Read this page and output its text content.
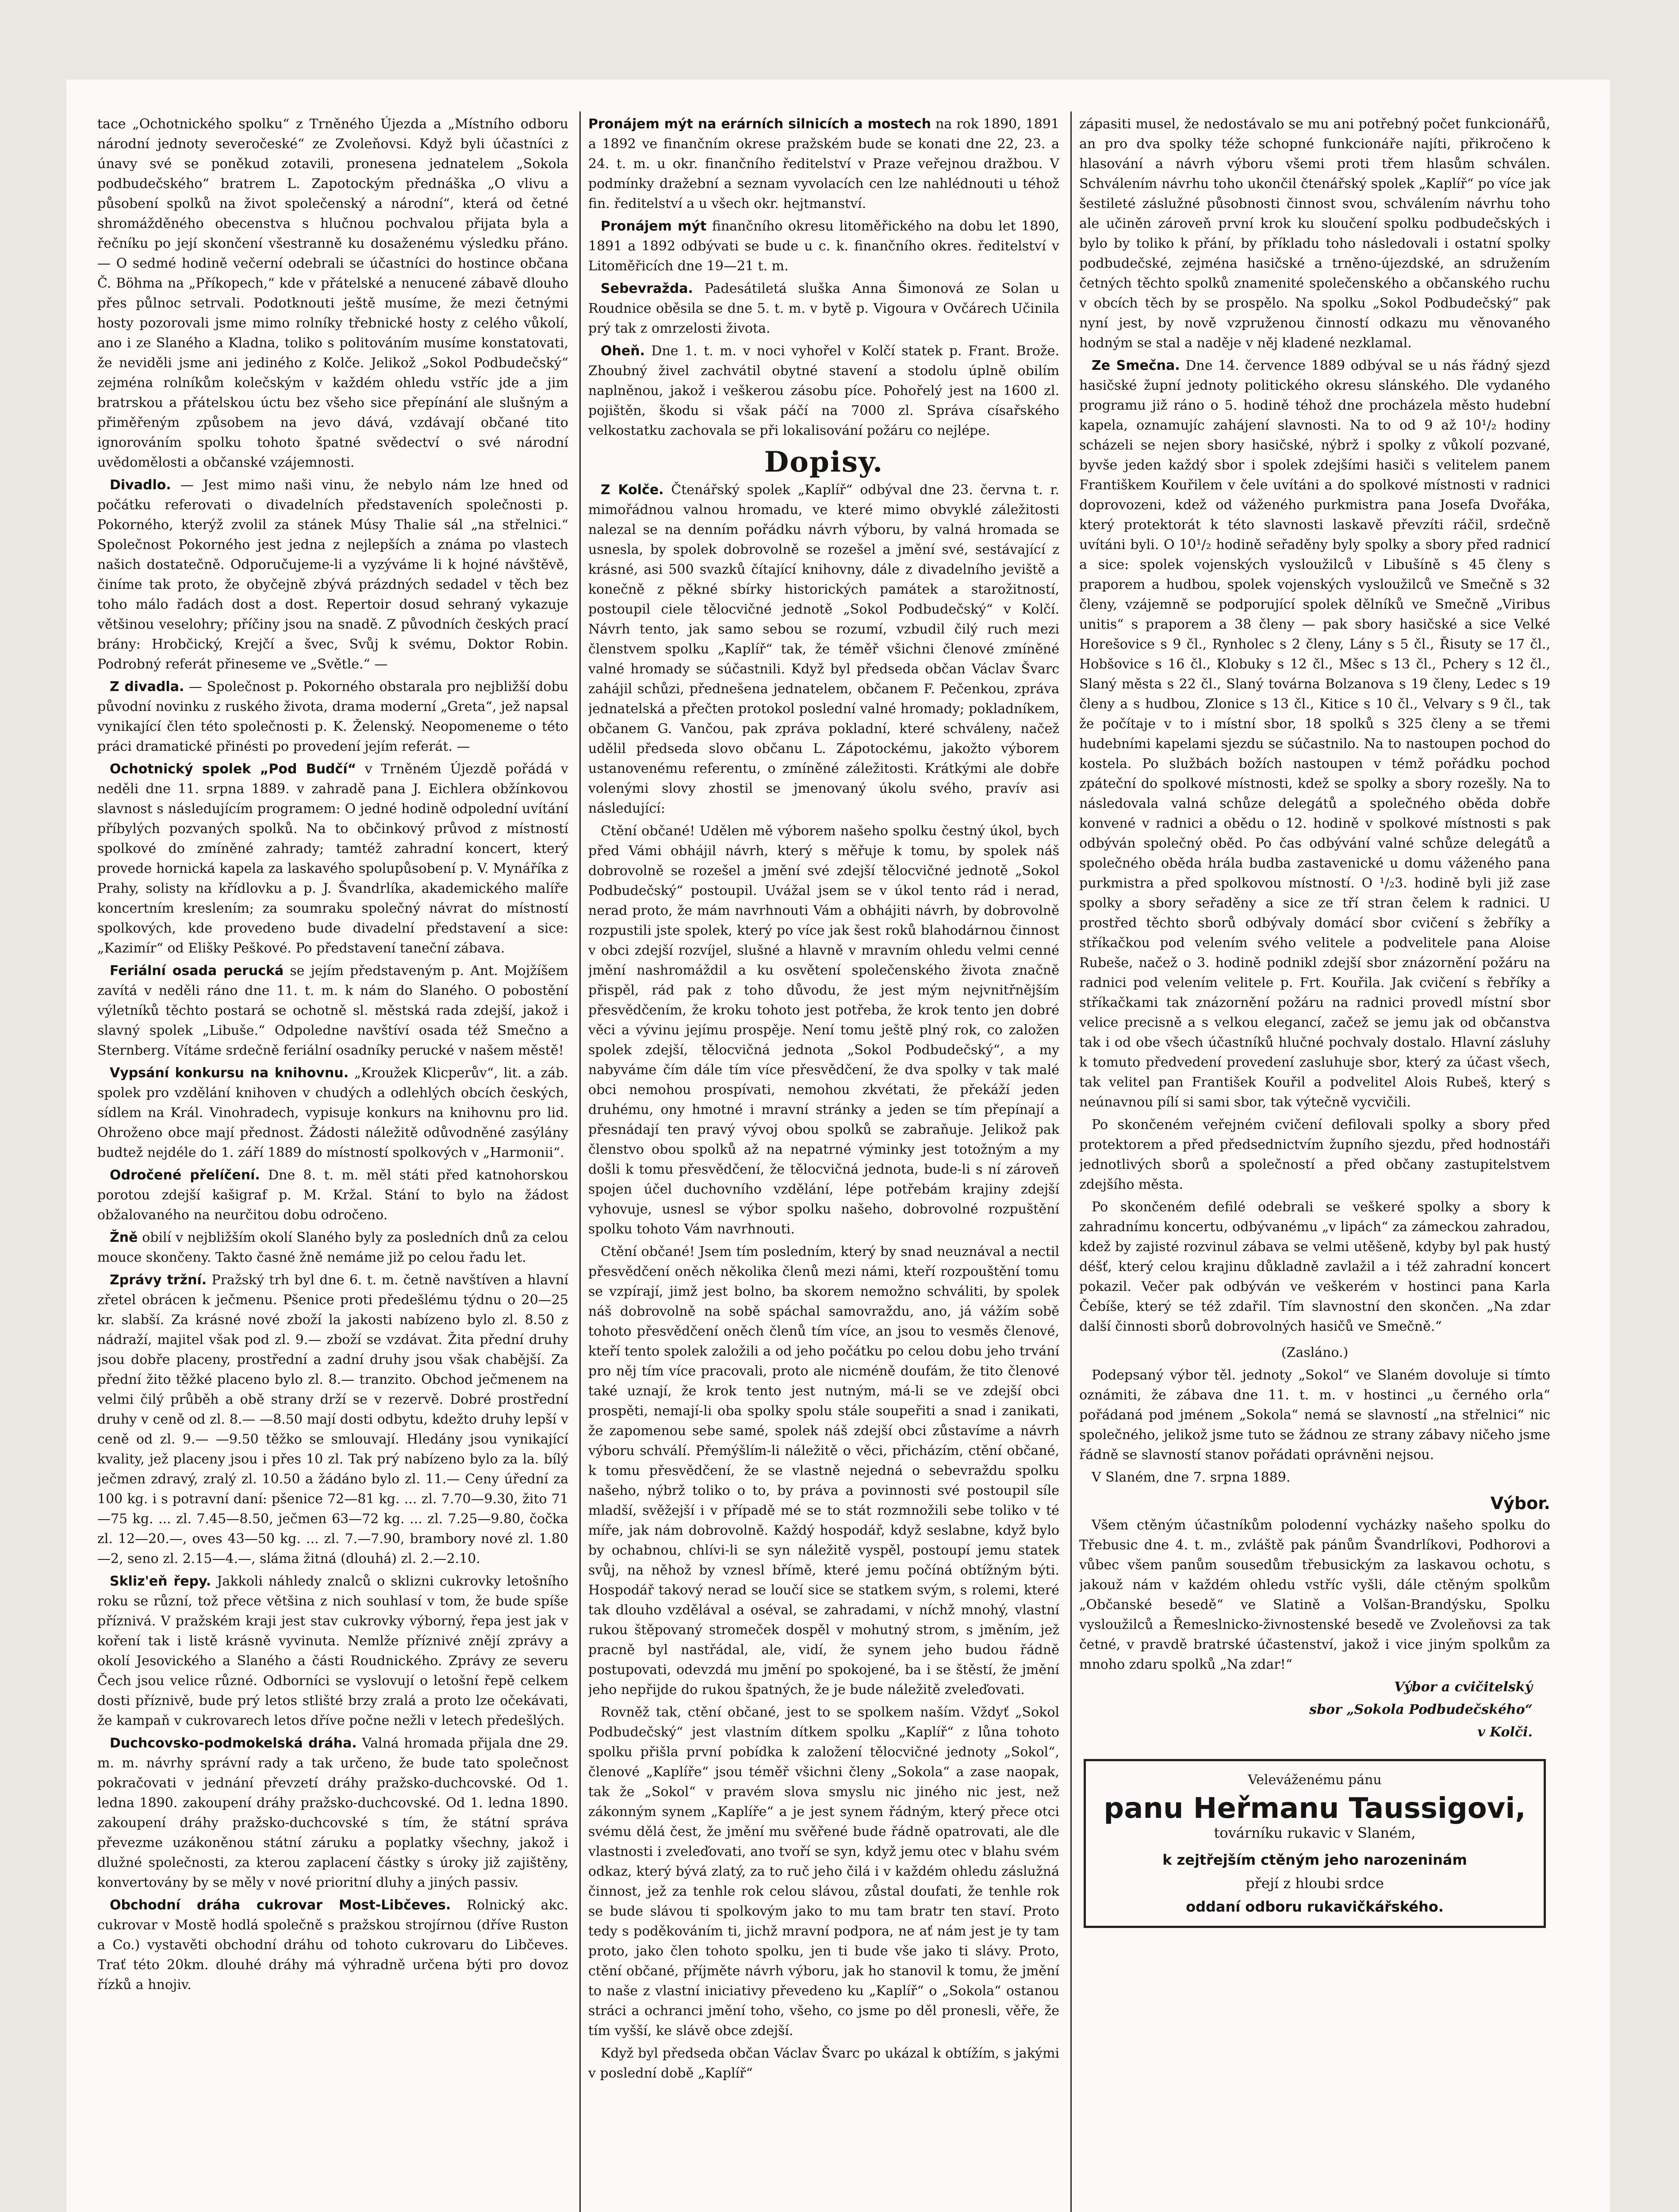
tace „Ochotnického spolku“ z Trněného Újezda a „Místního odboru národní jednoty severočeské“ ze Zvoleňovsi. Když byli účastníci z únavy své se poněkud zotavili, pronesena jednatelem „Sokola podbudečského“ bratrem L. Zapotockým přednáška „O vlivu a působení spolků na život společenský a národní“, která od četné shromážděného obecenstva s hlučnou pochvalou přijata byla a řečníku po její skončení všestranně ku dosaženému výsledku přáno. — O sedmé hodině večerní odebrali se účastníci do hostince občana Č. Böhma na „Příkopech,“ kde v přátelské a nenucené zábavě dlouho přes půlnoc setrvali. Podotknouti ještě musíme, že mezi četnými hosty pozorovali jsme mimo rolníky třebnické hosty z celého vůkolí, ano i ze Slaného a Kladna, toliko s politováním musíme konstatovati, že neviděli jsme ani jediného z Kolče. Jelikož „Sokol Podbudečský“ zejména rolníkům kolečským v každém ohledu vstříc jde a jim bratrskou a přátelskou úctu bez všeho sice přepínání ale slušným a přiměřeným způsobem na jevo dává, vzdávají občané tito ignorováním spolku tohoto špatné svědectví o své národní uvědomělosti a občanské vzájemnosti.

Divadlo. — Jest mimo naši vinu, že nebylo nám lze hned od počátku referovati o divadelních představeních společnosti p. Pokorného, kterýž zvolil za stánek Músy Thalie sál „na střelnici.“ Společnost Pokorného jest jedna z nejlepších a známa po vlastech našich dostatečně. Odporučujeme-li a vyzýváme li k hojné návštěvě, činíme tak proto, že obyčejně zbývá prázdných sedadel v těch bez toho málo řadách dost a dost. Repertoir dosud sehraný vykazuje většinou veselohry; příčiny jsou na snadě. Z původních českých prací brány: Hrobčický, Krejčí a švec, Svůj k svému, Doktor Robin. Podrobný referát přineseme ve „Světle.“ —

Z divadla. — Společnost p. Pokorného obstarala pro nejbližší dobu původní novinku z ruského života, drama moderní „Greta“, jež napsal vynikající člen této společnosti p. K. Želenský. Neopomeneme o této práci dramatické přinésti po provedení jejím referát. —

Ochotnický spolek „Pod Budčí“ v Trněném Újezdě pořádá v neděli dne 11. srpna 1889. v zahradě pana J. Eichlera obžínkovou slavnost s následujícím programem: O jedné hodině odpolední uvítání příbylých pozvaných spolků. Na to občinkový průvod z místností spolkové do zmíněné zahrady; tamtéž zahradní koncert, který provede hornická kapela za laskavého spolupůsobení p. V. Mynáříka z Prahy, solisty na křídlovku a p. J. Švandrlíka, akademického malíře koncertním kreslením; za soumraku společný návrat do místností spolkových, kde provedeno bude divadelní představení a sice: „Kazimír“ od Elišky Peškové. Po představení taneční zábava.

Feriální osada perucká se jejím představeným p. Ant. Mojžíšem zavítá v neděli ráno dne 11. t. m. k nám do Slaného. O pobostění výletníků těchto postará se ochotně sl. městská rada zdejší, jakož i slavný spolek „Libuše.“ Odpoledne navštíví osada též Smečno a Sternberg. Vítáme srdečně feriální osadníky perucké v našem městě!

Vypsání konkursu na knihovnu. „Kroužek Klicperův“, lit. a záb. spolek pro vzdělání knihoven v chudých a odlehlých obcích českých, sídlem na Král. Vinohradech, vypisuje konkurs na knihovnu pro lid. Ohroženo obce mají přednost. Žádosti náležitě odůvodněné zasýlány budtež nejdéle do 1. září 1889 do místností spolkových v „Harmonii“.

Odročené přelíčení. Dne 8. t. m. měl státi před katnohorskou porotou zdejší kašigraf p. M. Kržal. Stání to bylo na žádost obžalovaného na neurčitou dobu odročeno.

Žně obilí v nejbližším okolí Slaného byly za posledních dnů za celou mouce skončeny. Takto časné žně nemáme již po celou řadu let.

Zprávy tržní. Pražský trh byl dne 6. t. m. četně navštíven a hlavní zřetel obrácen k ječmenu. Pšenice proti předešlému týdnu o 20—25 kr. slabší. Za krásné nové zboží la jakosti nabízeno bylo zl. 8.50 z nádraží, majitel však pod zl. 9.— zboží se vzdávat. Žita přední druhy jsou dobře placeny, prostřední a zadní druhy jsou však chabější. Za přední žito těžké placeno bylo zl. 8.— tranzito. Obchod ječmenem na velmi čilý průběh a obě strany drží se v rezervě. Dobré prostřední druhy v ceně od zl. 8.— —8.50 mají dosti odbytu, kdežto druhy lepší v ceně od zl. 9.— —9.50 těžko se smlouvají. Hledány jsou vynikající kvality, jež placeny jsou i přes 10 zl. Tak prý nabízeno bylo za la. bílý ječmen zdravý, zralý zl. 10.50 a žádáno bylo zl. 11.— Ceny úřední za 100 kg. i s potravní daní: pšenice 72—81 kg. ... zl. 7.70—9.30, žito 71—75 kg. ... zl. 7.45—8.50, ječmen 63—72 kg. ... zl. 7.25—9.80, čočka zl. 12—20.—, oves 43—50 kg. ... zl. 7.—7.90, brambory nové zl. 1.80—2, seno zl. 2.15—4.—, sláma žitná (dlouhá) zl. 2.—2.10.

Skliz'eň řepy. Jakkoli náhledy znalců o sklizni cukrovky letošního roku se různí, tož přece většina z nich souhlasí v tom, že bude spíše příznivá. V pražském kraji jest stav cukrovky výborný, řepa jest jak v koření tak i listě krásně vyvinuta. Nemlže příznivé znějí zprávy a okolí Jesovického a Slaného a části Roudnického. Zprávy ze severu Čech jsou velice různé. Odborníci se vyslovují o letošní řepě celkem dosti příznivě, bude prý letos stlišté brzy zralá a proto lze očekávati, že kampaň v cukrovarech letos dříve počne nežli v letech předešlých.

Duchcovsko-podmokelská dráha. Valná hromada přijala dne 29. m. m. návrhy správní rady a tak určeno, že bude tato společnost pokračovati v jednání převzetí dráhy pražsko-duchcovské. Od 1. ledna 1890. zakoupení dráhy pražsko-duchcovské. Od 1. ledna 1890. zakoupení dráhy pražsko-duchcovské s tím, že státní správa převezme uzákoněnou státní záruku a poplatky všechny, jakož i dlužné společnosti, za kterou zaplacení částky s úroky již zajištěny, konvertovány by se měly v nové prioritní dluhy a jiných passiv.

Obchodní dráha cukrovar Most-Libčeves. Rolnický akc. cukrovar v Mostě hodlá společně s pražskou strojírnou (dříve Ruston a Co.) vystavěti obchodní dráhu od tohoto cukrovaru do Libčeves. Trať této 20km. dlouhé dráhy má výhradně určena býti pro dovoz řízků a hnojiv.

Pronájem mýt na erárních silnicích a mostech na rok 1890, 1891 a 1892 ve finančním okrese pražském bude se konati dne 22, 23. a 24. t. m. u okr. finančního ředitelství v Praze veřejnou dražbou. V podmínky dražební a seznam vyvolacích cen lze nahlédnouti u téhož fin. ředitelství a u všech okr. hejtmanství.

Pronájem mýt finančního okresu litoměřického na dobu let 1890, 1891 a 1892 odbývati se bude u c. k. finančního okres. ředitelství v Litoměřicích dne 19—21 t. m.

Sebevražda. Padesátiletá sluška Anna Šimonová ze Solan u Roudnice oběsila se dne 5. t. m. v bytě p. Vigoura v Ovčárech Učinila prý tak z omrzelosti života.

Oheň. Dne 1. t. m. v noci vyhořel v Kolčí statek p. Frant. Brože. Zhoubný živel zachvátil obytné stavení a stodolu úplně obilím naplněnou, jakož i veškerou zásobu píce. Pohořelý jest na 1600 zl. pojištěn, škodu si však páčí na 7000 zl. Správa císařského velkostatku zachovala se při lokalisování požáru co nejlépe.

Dopisy.

Z Kolče. Čtenářský spolek „Kaplíř“ odbýval dne 23. června t. r. mimořádnou valnou hromadu, ve které mimo obvyklé záležitosti nalezal se na denním pořádku návrh výboru, by valná hromada se usnesla, by spolek dobrovolně se rozešel a jmění své, sestávající z krásné, asi 500 svazků čítající knihovny, dále z divadelního jeviště a konečně z pěkné sbírky historických památek a starožitností, postoupil ciele tělocvičné jednotě „Sokol Podbudečský“ v Kolčí. Návrh tento, jak samo sebou se rozumí, vzbudil čilý ruch mezi členstvem spolku „Kaplíř“ tak, že téměř všichni členové zmíněné valné hromady se súčastnili. Když byl předseda občan Václav Švarc zahájil schůzi, přednešena jednatelem, občanem F. Pečenkou, zpráva jednatelská a přečten protokol poslední valné hromady; pokladníkem, občanem G. Vančou, pak zpráva pokladní, které schváleny, načež udělil předseda slovo občanu L. Zápotockému, jakožto výborem ustanovenému referentu, o zmíněné záležitosti. Krátkými ale dobře volenými slovy zhostil se jmenovaný úkolu svého, pravív asi následující:

Ctění občané! Udělen mě výborem našeho spolku čestný úkol, bych před Vámi obhájil návrh, který s měřuje k tomu, by spolek náš dobrovolně se rozešel a jmění své zdejší tělocvičné jednotě „Sokol Podbudečský“ postoupil. Uvážal jsem se v úkol tento rád i nerad, nerad proto, že mám navrhnouti Vám a obhájiti návrh, by dobrovolně rozpustili jste spolek, který po více jak šest roků blahodárnou činnost v obci zdejší rozvíjel, slušné a hlavně v mravním ohledu velmi cenné jmění nashromáždil a ku osvětení společenského života značně přispěl, rád pak z toho důvodu, že jest mým nejvnitřnějším přesvědčením, že kroku tohoto jest potřeba, že krok tento jen dobré věci a vývinu jejímu prospěje. Není tomu ještě plný rok, co založen spolek zdejší, tělocvičná jednota „Sokol Podbudečský“, a my nabyváme čím dále tím více přesvědčení, že dva spolky v tak malé obci nemohou prospívati, nemohou zkvétati, že překáží jeden druhému, ony hmotné i mravní stránky a jeden se tím přepínají a přesnádají ten pravý vývoj obou spolků se zabraňuje. Jelikož pak členstvo obou spolků až na nepatrné výminky jest totožným a my došli k tomu přesvědčení, že tělocvičná jednota, bude-li s ní zároveň spojen účel duchovního vzdělání, lépe potřebám krajiny zdejší vyhovuje, usnesl se výbor spolku našeho, dobrovolné rozpuštění spolku tohoto Vám navrhnouti.

Ctění občané! Jsem tím posledním, který by snad neuznával a nectil přesvědčení oněch několika členů mezi námi, kteří rozpouštění tomu se vzpírají, jimž jest bolno, ba skorem nemožno schváliti, by spolek náš dobrovolně na sobě spáchal samovraždu, ano, já vážím sobě tohoto přesvědčení oněch členů tím více, an jsou to vesměs členové, kteří tento spolek založili a od jeho počátku po celou dobu jeho trvání pro něj tím více pracovali, proto ale nicméně doufám, že tito členové také uznají, že krok tento jest nutným, má-li se ve zdejší obci prospěti, nemají-li oba spolky spolu stále soupeřiti a snad i zanikati, že zapomenou sebe samé, spolek náš zdejší obci zůstavíme a návrh výboru schválí. Přemýšlím-li náležitě o věci, přicházím, ctění občané, k tomu přesvědčení, že se vlastně nejedná o sebevraždu spolku našeho, nýbrž toliko o to, by práva a povinnosti své postoupil síle mladší, svěžejší i v případě mé se to stát rozmnožili sebe toliko v té míře, jak nám dobrovolně. Každý hospodář, když seslabne, když bylo by ochabnou, chlívi-li se syn náležitě vyspěl, postoupí jemu statek svůj, na něhož by vznesl břímě, které jemu počíná obtížným býti. Hospodář takový nerad se loučí sice se statkem svým, s rolemi, které tak dlouho vzdělával a oséval, se zahradami, v níchž mnohý, vlastní rukou štěpovaný stromeček dospěl v mohutný strom, s jměním, jež pracně byl nastřádal, ale, vidí, že synem jeho budou řádně postupovati, odevzdá mu jmění po spokojené, ba i se štěstí, že jmění jeho nepřijde do rukou špatných, že je bude náležitě zveleďovati.

Rovněž tak, ctění občané, jest to se spolkem naším. Vždyť „Sokol Podbudečský“ jest vlastním dítkem spolku „Kaplíř“ z lůna tohoto spolku přišla první pobídka k založení tělocvičné jednoty „Sokol“, členové „Kaplíře“ jsou téměř všichni členy „Sokola“ a zase naopak, tak že „Sokol“ v pravém slova smyslu nic jiného nic jest, než zákonným synem „Kaplíře“ a je jest synem řádným, který přece otci svému dělá čest, že jmění mu svěřené bude řádně opatrovati, ale dle vlastnosti i zveleďovati, ano tvoří se syn, když jemu otec v blahu svém odkaz, který bývá zlatý, za to ruč jeho čilá i v každém ohledu záslužná činnost, jež za tenhle rok celou slávou, zůstal doufati, že tenhle rok se bude slávou ti spolkovým jako to mu tam bratr ten staví. Proto tedy s poděkováním ti, jichž mravní podpora, ne ať nám jest je ty tam proto, jako člen tohoto spolku, jen ti bude vše jako ti slávy. Proto, ctění občané, příjměte návrh výboru, jak ho stanovil k tomu, že jmění to naše z vlastní iniciativy převedeno ku „Kaplíř“ o „Sokola“ ostanou stráci a ochranci jmění toho, všeho, co jsme po děl pronesli, věře, že tím vyšší, ke slávě obce zdejší.

Když byl předseda občan Václav Švarc po ukázal k obtížím, s jakými v poslední době „Kaplíř“

zápasiti musel, že nedostávalo se mu ani potřebný počet funkcionářů, an pro dva spolky téže schopné funkcionáře najíti, přikročeno k hlasování a návrh výboru všemi proti třem hlasům schválen. Schválením návrhu toho ukončil čtenářský spolek „Kaplíř“ po více jak šestileté záslužné působnosti činnost svou, schválením návrhu toho ale učiněn zároveň první krok ku sloučení spolku podbudečských i bylo by toliko k přání, by příkladu toho následovali i ostatní spolky podbudečské, zejména hasičské a trněno-újezdské, an sdružením četných těchto spolků znamenité společenského a občanského ruchu v obcích těch by se prospělo. Na spolku „Sokol Podbudečský“ pak nyní jest, by nově vzpruženou činností odkazu mu věnovaného hodným se stal a naděje v něj kladené nezklamal.

Ze Smečna. Dne 14. července 1889 odbýval se u nás řádný sjezd hasičské župní jednoty politického okresu slánského. Dle vydaného programu již ráno o 5. hodině téhož dne procházela město hudební kapela, oznamujíc zahájení slavnosti. Na to od 9 až 10¹/₂ hodiny scházeli se nejen sbory hasičské, nýbrž i spolky z vůkolí pozvané, byvše jeden každý sbor i spolek zdejšími hasiči s velitelem panem Františkem Kouřilem v čele uvítáni a do spolkové místnosti v radnici doprovozeni, kdež od váženého purkmistra pana Josefa Dvořáka, který protektorát k této slavnosti laskavě převzíti ráčil, srdečně uvítáni byli. O 10¹/₂ hodině seřaděny byly spolky a sbory před radnicí a sice: spolek vojenských vysloužilců v Libušíně s 45 členy s praporem a hudbou, spolek vojenských vysloužilců ve Smečně s 32 členy, vzájemně se podporující spolek dělníků ve Smečně „Viribus unitis“ s praporem a 38 členy — pak sbory hasičské a sice Velké Horešovice s 9 čl., Rynholec s 2 členy, Lány s 5 čl., Řisuty se 17 čl., Hobšovice s 16 čl., Klobuky s 12 čl., Mšec s 13 čl., Pchery s 12 čl., Slaný města s 22 čl., Slaný továrna Bolzanova s 19 členy, Ledec s 19 členy a s hudbou, Zlonice s 13 čl., Kitice s 10 čl., Velvary s 9 čl., tak že počítaje v to i místní sbor, 18 spolků s 325 členy a se třemi hudebními kapelami sjezdu se súčastnilo. Na to nastoupen pochod do kostela. Po službách božích nastoupen v témž pořádku pochod zpáteční do spolkové místnosti, kdež se spolky a sbory rozešly. Na to následovala valná schůze delegátů a společného oběda dobře konvené v radnici a obědu o 12. hodině v spolkové místnosti s pak odbýván společný oběd. Po čas odbývání valné schůze delegátů a společného oběda hrála budba zastavenické u domu váženého pana purkmistra a před spolkovou místností. O ¹/₂3. hodině byli již zase spolky a sbory seřaděny a sice ze tří stran čelem k radnici. U prostřed těchto sborů odbývaly domácí sbor cvičení s žebříky a stříkačkou pod velením svého velitele a podvelitele pana Aloise Rubeše, načež o 3. hodině podnikl zdejší sbor znázornění požáru na radnici pod velením velitele p. Frt. Kouřila. Jak cvičení s řebříky a stříkačkami tak znázornění požáru na radnici provedl místní sbor velice precisně a s velkou elegancí, začež se jemu jak od občanstva tak i od obe všech účastníků hlučné pochvaly dostalo. Hlavní zásluhy k tomuto předvedení provedení zasluhuje sbor, který za účast všech, tak velitel pan František Kouřil a podvelitel Alois Rubeš, který s neúnavnou pílí si sami sbor, tak výtečně vycvičili.

Po skončeném veřejném cvičení defilovali spolky a sbory před protektorem a před předsednictvím župního sjezdu, před hodnostáři jednotlivých sborů a společností a před občany zastupitelstvem zdejšího města.

Po skončeném defilé odebrali se veškeré spolky a sbory k zahradnímu koncertu, odbývanému „v lipách“ za zámeckou zahradou, kdež by zajisté rozvinul zábava se velmi utěšeně, kdyby byl pak hustý déšť, který celou krajinu důkladně zavlažil a i též zahradní koncert pokazil. Večer pak odbýván ve veškerém v hostinci pana Karla Čebíše, který se též zdařil. Tím slavnostní den skončen. „Na zdar další činnosti sborů dobrovolných hasičů ve Smečně.“

(Zasláno.)

Podepsaný výbor těl. jednoty „Sokol“ ve Slaném dovoluje si tímto oznámiti, že zábava dne 11. t. m. v hostinci „u černého orla“ pořádaná pod jménem „Sokola“ nemá se slavností „na střelnici“ nic společného, jelikož jsme tuto se žádnou ze strany zábavy ničeho jsme řádně se slavností stanov pořádati oprávněni nejsou.

V Slaném, dne 7. srpna 1889.

Výbor.

Všem ctěným účastníkům polodenní vycházky našeho spolku do Třebusic dne 4. t. m., zvláště pak pánům Švandrlíkovi, Podhorovi a vůbec všem panům sousedům třebusickým za laskavou ochotu, s jakouž nám v každém ohledu vstříc vyšli, dále ctěným spolkům „Občanské besedě“ ve Slatině a Volšan-Brandýsku, Spolku vysloužilců a Řemeslnicko-živnostenské besedě ve Zvoleňovsi za tak četné, v pravdě bratrské účastenství, jakož i vice jiným spolkům za mnoho zdaru spolků „Na zdar!“

Výbor a cvičitelský

sbor „Sokola Podbudečského“

v Kolči.

Veleváženému pánu
panu Heřmanu Taussigovi,
továrníku rukavic v Slaném,
k zejtřejším ctěným jeho narozeninám
přejí z hloubi srdce
oddaní odboru rukavičkářského.
